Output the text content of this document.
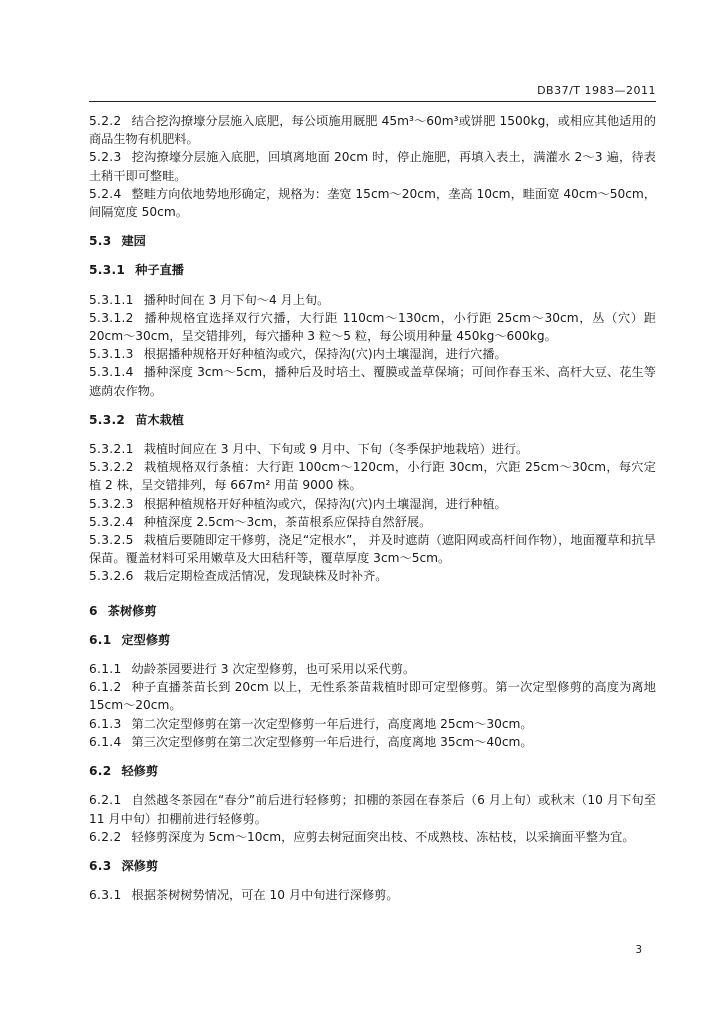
DB37/T 1983—2011

5.2.2 结合挖沟撩壕分层施入底肥，每公顷施用厩肥 45m³～60m³或饼肥 1500kg，或相应其他适用的商品生物有机肥料。

5.2.3 挖沟撩壕分层施入底肥，回填离地面 20cm 时，停止施肥，再填入表土，满灌水 2～3 遍，待表土稍干即可整畦。

5.2.4 整畦方向依地势地形确定，规格为：垄宽 15cm～20cm，垄高 10cm，畦面宽 40cm～50cm，间隔宽度 50cm。

5.3 建园

5.3.1 种子直播

5.3.1.1 播种时间在 3 月下旬～4 月上旬。

5.3.1.2 播种规格宜选择双行穴播，大行距 110cm～130cm，小行距 25cm～30cm，丛（穴）距 20cm～30cm，呈交错排列，每穴播种 3 粒～5 粒，每公顷用种量 450kg～600kg。

5.3.1.3 根据播种规格开好种植沟或穴，保持沟(穴)内土壤湿润，进行穴播。

5.3.1.4 播种深度 3cm～5cm，播种后及时培土、覆膜或盖草保墒；可间作春玉米、高杆大豆、花生等遮荫农作物。

5.3.2 苗木栽植

5.3.2.1 栽植时间应在 3 月中、下旬或 9 月中、下旬（冬季保护地栽培）进行。

5.3.2.2 栽植规格双行条植：大行距 100cm～120cm，小行距 30cm，穴距 25cm～30cm，每穴定植 2 株，呈交错排列，每 667m² 用苗 9000 株。

5.3.2.3 根据种植规格开好种植沟或穴，保持沟(穴)内土壤湿润，进行种植。

5.3.2.4 种植深度 2.5cm～3cm，茶苗根系应保持自然舒展。

5.3.2.5 栽植后要随即定干修剪，浇足“定根水”， 并及时遮荫（遮阳网或高杆间作物），地面覆草和抗旱保苗。覆盖材料可采用嫩草及大田秸秆等，覆草厚度 3cm～5cm。

5.3.2.6 栽后定期检查成活情况，发现缺株及时补齐。

6 茶树修剪

6.1 定型修剪

6.1.1 幼龄茶园要进行 3 次定型修剪，也可采用以采代剪。

6.1.2 种子直播茶苗长到 20cm 以上，无性系茶苗栽植时即可定型修剪。第一次定型修剪的高度为离地15cm～20cm。

6.1.3 第二次定型修剪在第一次定型修剪一年后进行，高度离地 25cm～30cm。

6.1.4 第三次定型修剪在第二次定型修剪一年后进行，高度离地 35cm～40cm。

6.2 轻修剪

6.2.1 自然越冬茶园在“春分”前后进行轻修剪；扣棚的茶园在春茶后（6 月上旬）或秋末（10 月下旬至 11 月中旬）扣棚前进行轻修剪。

6.2.2 轻修剪深度为 5cm～10cm，应剪去树冠面突出枝、不成熟枝、冻枯枝，以采摘面平整为宜。

6.3 深修剪

6.3.1 根据茶树树势情况，可在 10 月中旬进行深修剪。

3
